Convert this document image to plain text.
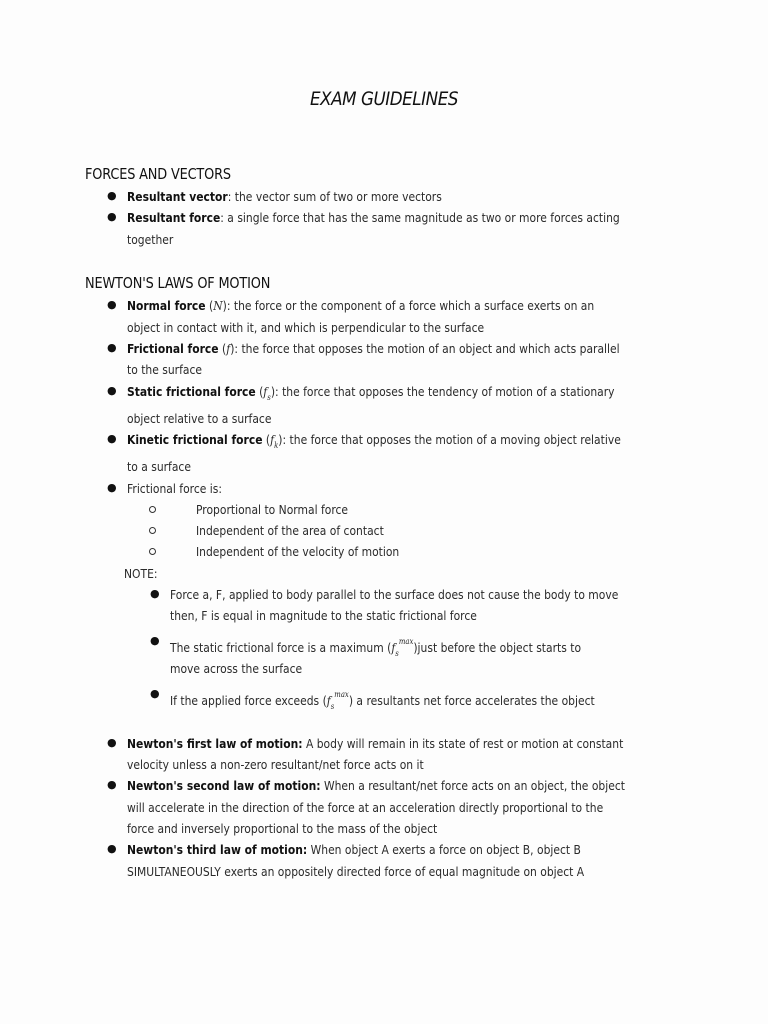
EXAM GUIDELINES
FORCES AND VECTORS
● Resultant vector: the vector sum of two or more vectors
● Resultant force: a single force that has the same magnitude as two or more forces acting
together
NEWTON'S LAWS OF MOTION
● Normal force (N): the force or the component of a force which a surface exerts on an
object in contact with it, and which is perpendicular to the surface
● Frictional force (f): the force that opposes the motion of an object and which acts parallel
to the surface
● Static frictional force $(f_s)$: the force that opposes the tendency of motion of a stationary
object relative to a surface
● Kinetic frictional force $(f_k)$: the force that opposes the motion of a moving object relative
to a surface
● Frictional force is:
Proportional to Normal force
Independent of the area of contact
Independent of the velocity of motion
NOTE:
● Force a, F, applied to body parallel to the surface does not cause the body to move
then, F is equal in magnitude to the static frictional force
● The static frictional force is a maximum $(f_s^{max})just$ before the object starts to
move across the surface
● If the applied force exceeds $(f_s^{max})$ a resultants net force accelerates the object
● Newton's first law of motion: A body will remain in its state of rest or motion at constant
velocity unless a non-zero resultant/net force acts on it
● Newton's second law of motion: When a resultant/net force acts on an object, the object
will accelerate in the direction of the force at an acceleration directly proportional to the
force and inversely proportional to the mass of the object
● Newton's third law of motion: When object A exerts a force on object B, object B
SIMULTANEOUSLY exerts an oppositely directed force of equal magnitude on object A
